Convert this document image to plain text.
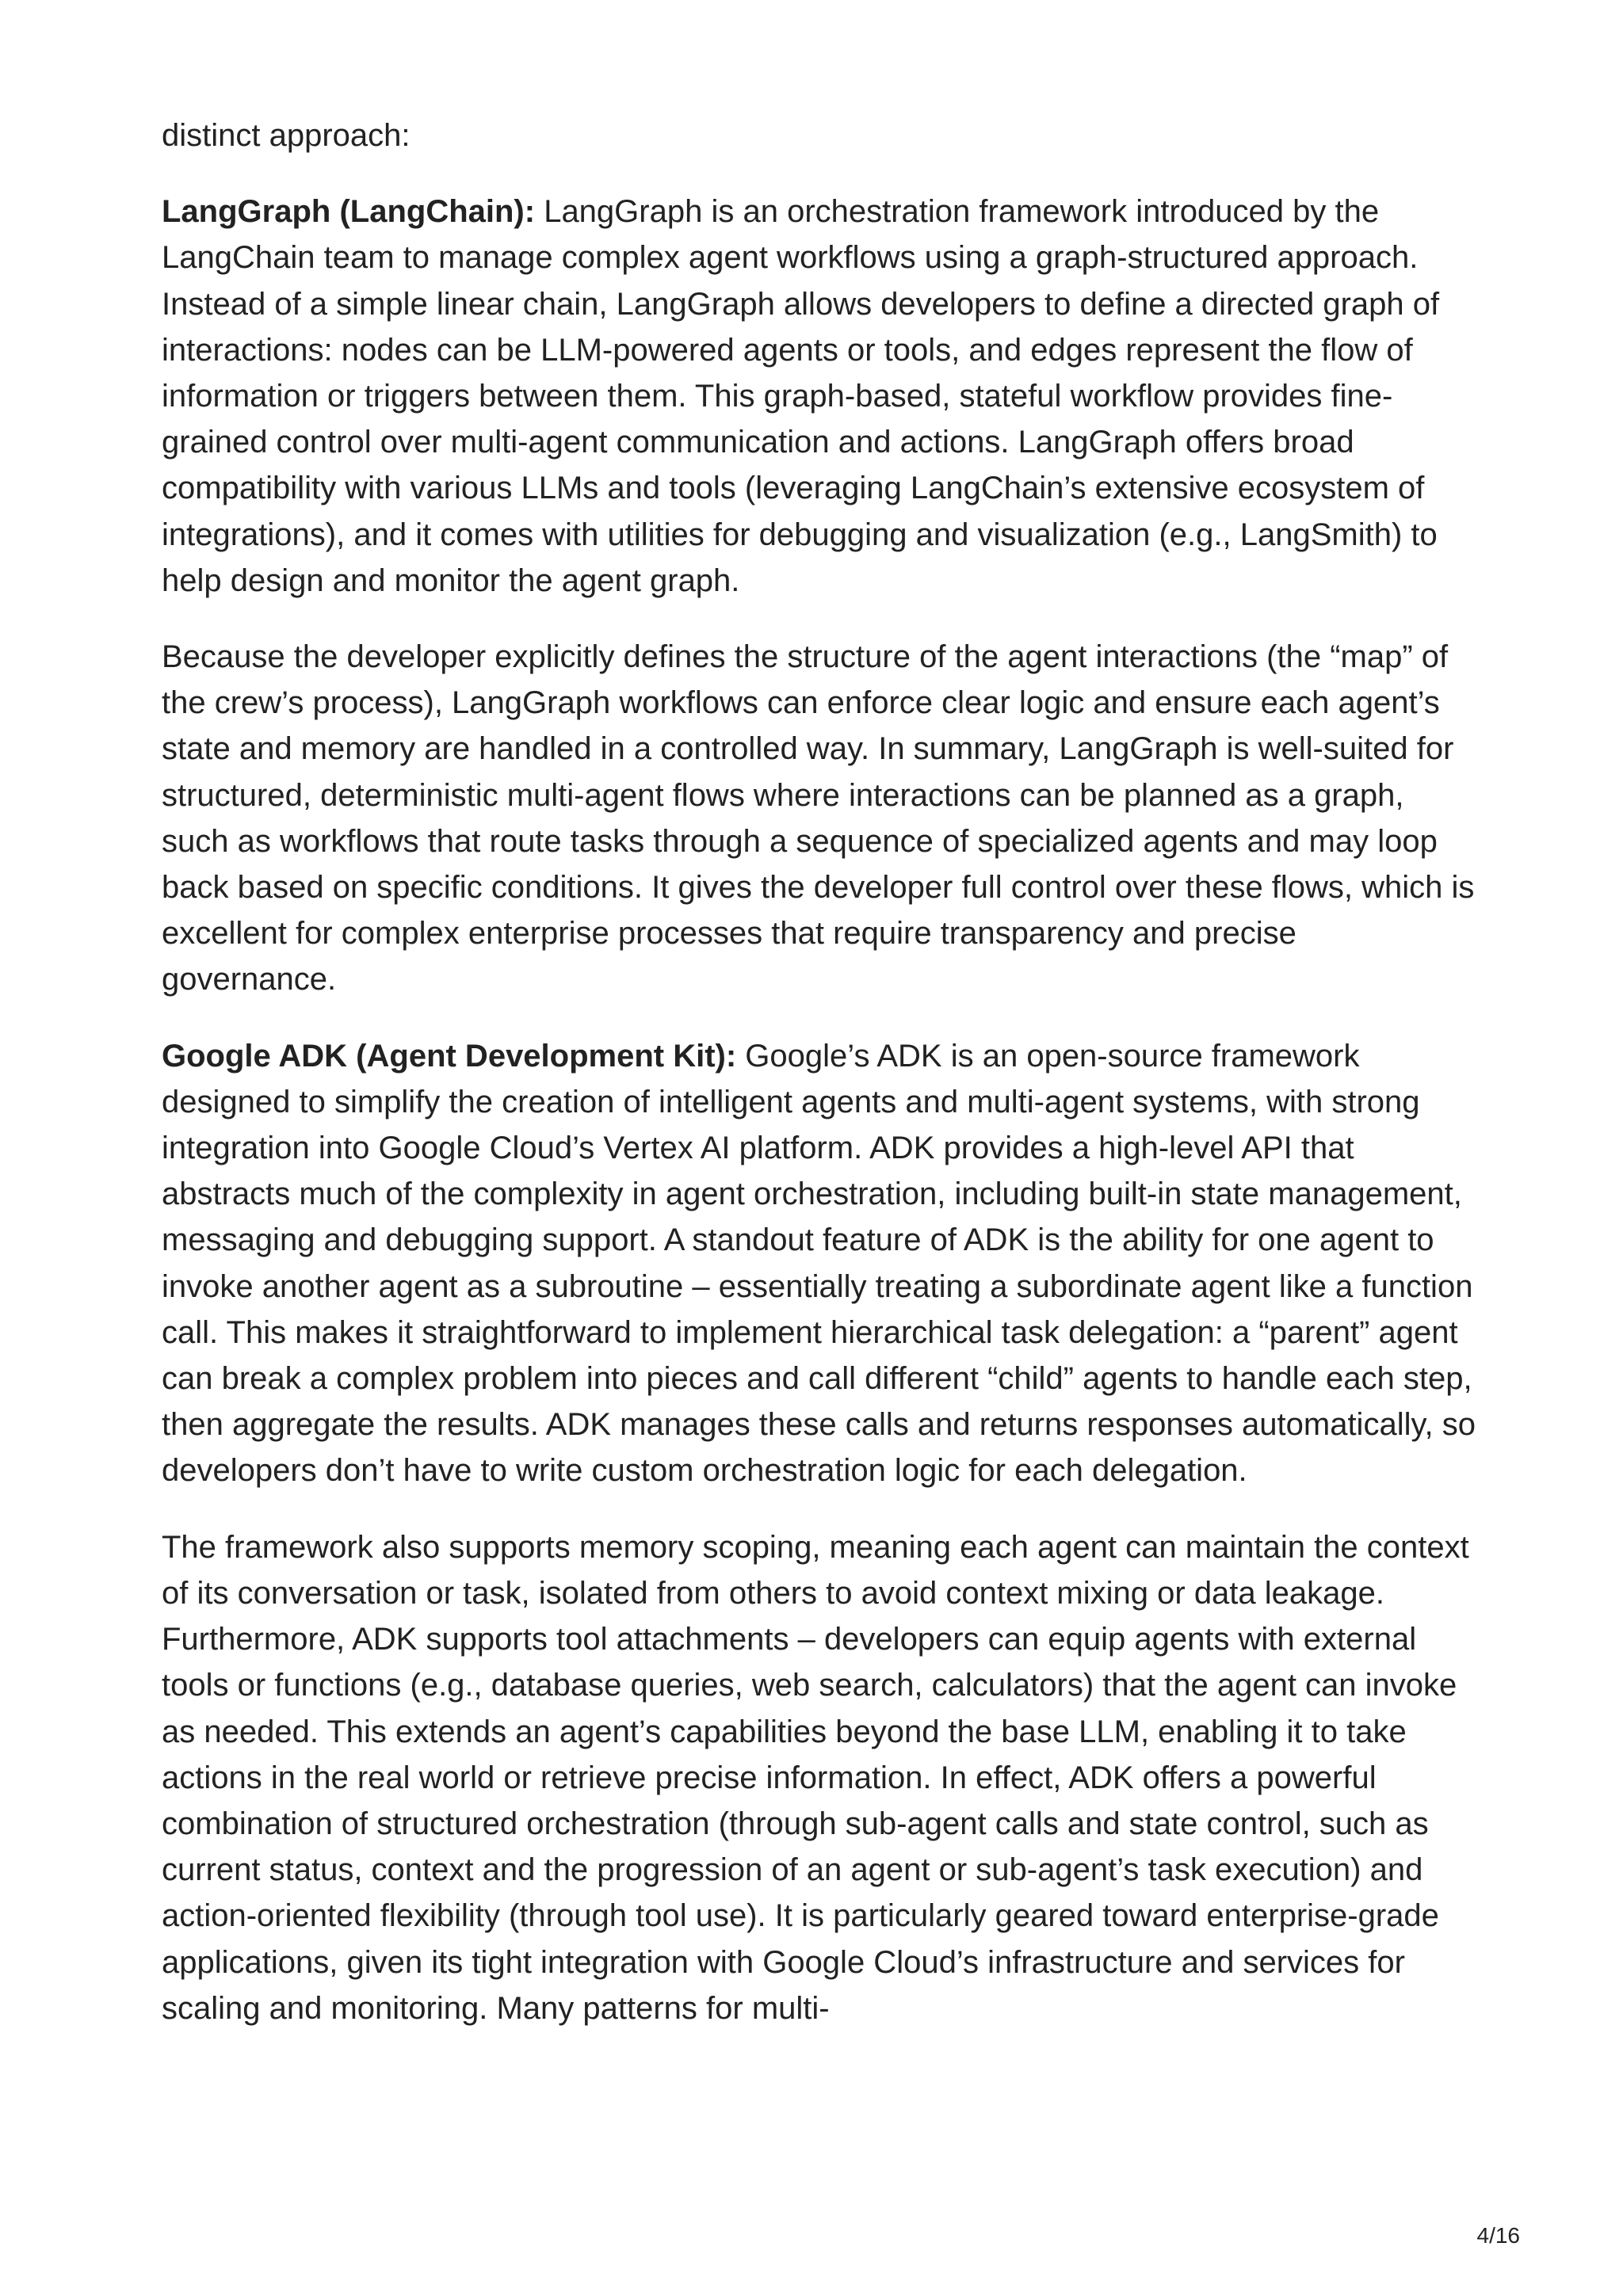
distinct approach:

LangGraph (LangChain): LangGraph is an orchestration framework introduced by the LangChain team to manage complex agent workflows using a graph-structured approach. Instead of a simple linear chain, LangGraph allows developers to define a directed graph of interactions: nodes can be LLM-powered agents or tools, and edges represent the flow of information or triggers between them. This graph-based, stateful workflow provides fine-grained control over multi-agent communication and actions. LangGraph offers broad compatibility with various LLMs and tools (leveraging LangChain’s extensive ecosystem of integrations), and it comes with utilities for debugging and visualization (e.g., LangSmith) to help design and monitor the agent graph.

Because the developer explicitly defines the structure of the agent interactions (the “map” of the crew’s process), LangGraph workflows can enforce clear logic and ensure each agent’s state and memory are handled in a controlled way. In summary, LangGraph is well-suited for structured, deterministic multi-agent flows where interactions can be planned as a graph, such as workflows that route tasks through a sequence of specialized agents and may loop back based on specific conditions. It gives the developer full control over these flows, which is excellent for complex enterprise processes that require transparency and precise governance.

Google ADK (Agent Development Kit): Google’s ADK is an open-source framework designed to simplify the creation of intelligent agents and multi-agent systems, with strong integration into Google Cloud’s Vertex AI platform. ADK provides a high-level API that abstracts much of the complexity in agent orchestration, including built-in state management, messaging and debugging support. A standout feature of ADK is the ability for one agent to invoke another agent as a subroutine – essentially treating a subordinate agent like a function call. This makes it straightforward to implement hierarchical task delegation: a “parent” agent can break a complex problem into pieces and call different “child” agents to handle each step, then aggregate the results. ADK manages these calls and returns responses automatically, so developers don’t have to write custom orchestration logic for each delegation.

The framework also supports memory scoping, meaning each agent can maintain the context of its conversation or task, isolated from others to avoid context mixing or data leakage. Furthermore, ADK supports tool attachments – developers can equip agents with external tools or functions (e.g., database queries, web search, calculators) that the agent can invoke as needed. This extends an agent’s capabilities beyond the base LLM, enabling it to take actions in the real world or retrieve precise information. In effect, ADK offers a powerful combination of structured orchestration (through sub-agent calls and state control, such as current status, context and the progression of an agent or sub-agent’s task execution) and action-oriented flexibility (through tool use). It is particularly geared toward enterprise-grade applications, given its tight integration with Google Cloud’s infrastructure and services for scaling and monitoring. Many patterns for multi-

4/16
